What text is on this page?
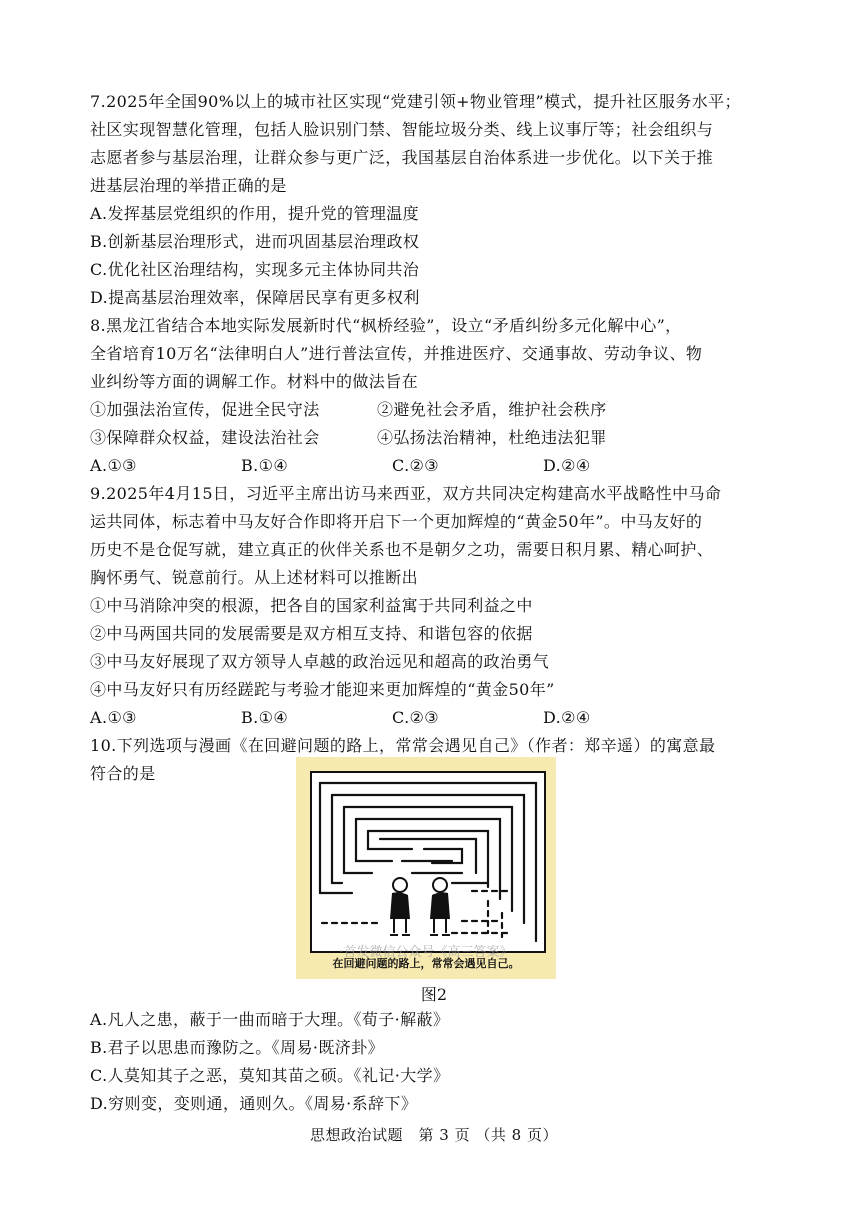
7.2025年全国90%以上的城市社区实现“党建引领+物业管理”模式，提升社区服务水平；
社区实现智慧化管理，包括人脸识别门禁、智能垃圾分类、线上议事厅等；社会组织与
志愿者参与基层治理，让群众参与更广泛，我国基层自治体系进一步优化。以下关于推
进基层治理的举措正确的是
A.发挥基层党组织的作用，提升党的管理温度
B.创新基层治理形式，进而巩固基层治理政权
C.优化社区治理结构，实现多元主体协同共治
D.提高基层治理效率，保障居民享有更多权利
8.黑龙江省结合本地实际发展新时代“枫桥经验”，设立“矛盾纠纷多元化解中心”，
全省培育10万名“法律明白人”进行普法宣传，并推进医疗、交通事故、劳动争议、物
业纠纷等方面的调解工作。材料中的做法旨在
①加强法治宣传，促进全民守法	②避免社会矛盾，维护社会秩序
③保障群众权益，建设法治社会	④弘扬法治精神，杜绝违法犯罪
A.①③	B.①④	C.②③	D.②④
9.2025年4月15日，习近平主席出访马来西亚，双方共同决定构建高水平战略性中马命
运共同体，标志着中马友好合作即将开启下一个更加辉煌的“黄金50年”。中马友好的
历史不是仓促写就，建立真正的伙伴关系也不是朝夕之功，需要日积月累、精心呵护、
胸怀勇气、锐意前行。从上述材料可以推断出
①中马消除冲突的根源，把各自的国家利益寓于共同利益之中
②中马两国共同的发展需要是双方相互支持、和谐包容的依据
③中马友好展现了双方领导人卓越的政治远见和超高的政治勇气
④中马友好只有历经蹉跎与考验才能迎来更加辉煌的“黄金50年”
A.①③	B.①④	C.②③	D.②④
10.下列选项与漫画《在回避问题的路上，常常会遇见自己》（作者：郑辛遥）的寓意最
符合的是
·首发微信公众号《高三答案》
在回避问题的路上，常常会遇见自己。
图2
A.凡人之患，蔽于一曲而暗于大理。《荀子·解蔽》
B.君子以思患而豫防之。《周易·既济卦》
C.人莫知其子之恶，莫知其苗之硕。《礼记·大学》
D.穷则变，变则通，通则久。《周易·系辞下》
思想政治试题　第 3 页 （共 8 页）
